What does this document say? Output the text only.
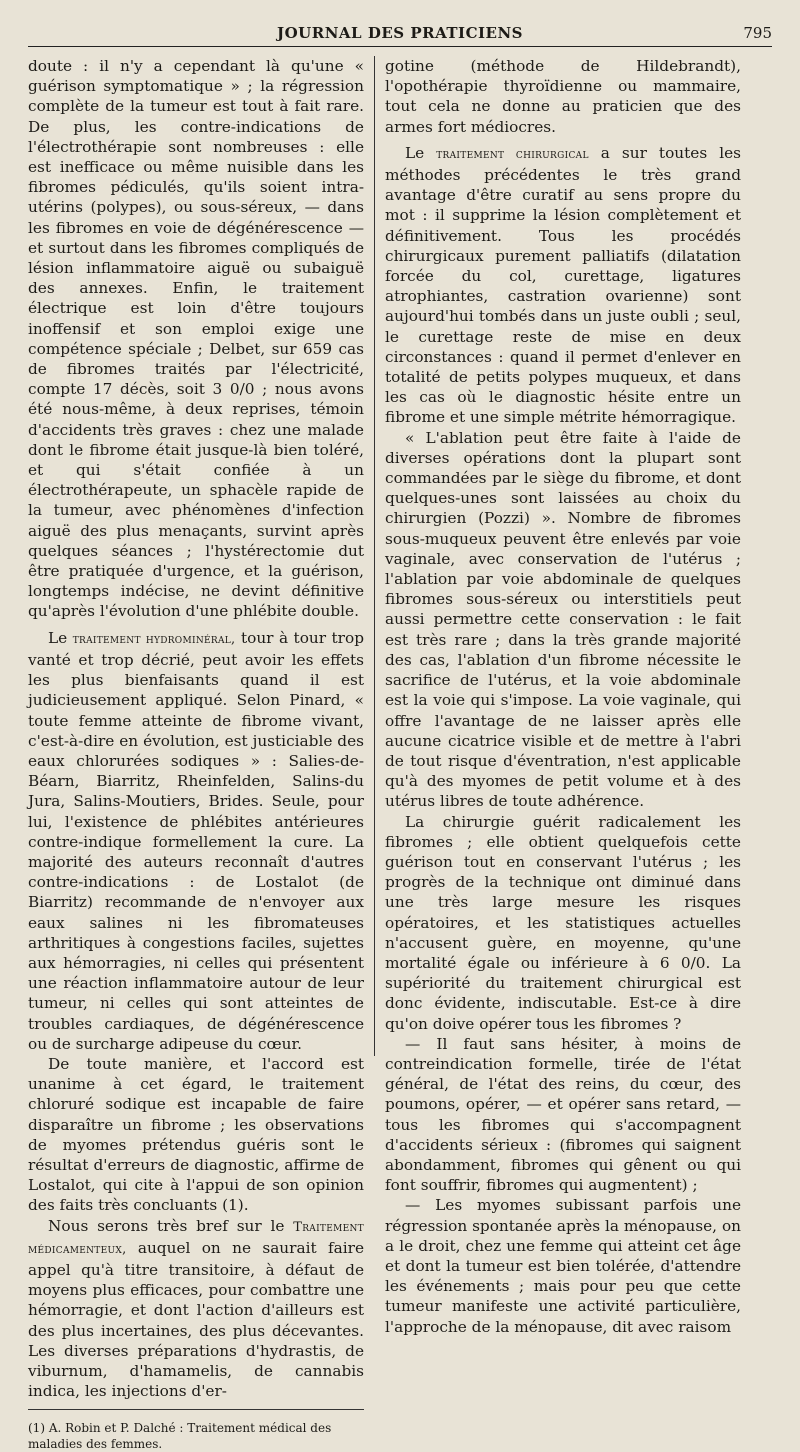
JOURNAL DES PRATICIENS	795

doute : il n'y a cependant là qu'une « guérison symptomatique » ; la régression complète de la tumeur est tout à fait rare. De plus, les contre-indications de l'électrothérapie sont nombreuses : elle est inefficace ou même nuisible dans les fibromes pédiculés, qu'ils soient intra-utérins (polypes), ou sous-séreux, — dans les fibromes en voie de dégénérescence — et surtout dans les fibromes compliqués de lésion inflammatoire aiguë ou subaiguë des annexes. Enfin, le traitement électrique est loin d'être toujours inoffensif et son emploi exige une compétence spéciale ; Delbet, sur 659 cas de fibromes traités par l'électricité, compte 17 décès, soit 3 0/0 ; nous avons été nous-même, à deux reprises, témoin d'accidents très graves : chez une malade dont le fibrome était jusque-là bien toléré, et qui s'était confiée à un électrothérapeute, un sphacèle rapide de la tumeur, avec phénomènes d'infection aiguë des plus menaçants, survint après quelques séances ; l'hystérectomie dut être pratiquée d'urgence, et la guérison, longtemps indécise, ne devint définitive qu'après l'évolution d'une phlébite double.

Le traitement hydrominéral, tour à tour trop vanté et trop décrié, peut avoir les effets les plus bienfaisants quand il est judicieusement appliqué. Selon Pinard, « toute femme atteinte de fibrome vivant, c'est-à-dire en évolution, est justiciable des eaux chlorurées sodiques » : Salies-de-Béarn, Biarritz, Rheinfelden, Salins-du Jura, Salins-Moutiers, Brides. Seule, pour lui, l'existence de phlébites antérieures contre-indique formellement la cure. La majorité des auteurs reconnaît d'autres contre-indications : de Lostalot (de Biarritz) recommande de n'envoyer aux eaux salines ni les fibromateuses arthritiques à congestions faciles, sujettes aux hémorragies, ni celles qui présentent une réaction inflammatoire autour de leur tumeur, ni celles qui sont atteintes de troubles cardiaques, de dégénérescence ou de surcharge adipeuse du cœur.

De toute manière, et l'accord est unanime à cet égard, le traitement chloruré sodique est incapable de faire disparaître un fibrome ; les observations de myomes prétendus guéris sont le résultat d'erreurs de diagnostic, affirme de Lostalot, qui cite à l'appui de son opinion des faits très concluants (1).

Nous serons très bref sur le Traitement médicamenteux, auquel on ne saurait faire appel qu'à titre transitoire, à défaut de moyens plus efficaces, pour combattre une hémorragie, et dont l'action d'ailleurs est des plus incertaines, des plus décevantes. Les diverses préparations d'hydrastis, de viburnum, d'hamamelis, de cannabis indica, les injections d'er-

(1) A. Robin et P. Dalché : Traitement médical des maladies des femmes.

gotine (méthode de Hildebrandt), l'opothérapie thyroïdienne ou mammaire, tout cela ne donne au praticien que des armes fort médiocres.

Le traitement chirurgical a sur toutes les méthodes précédentes le très grand avantage d'être curatif au sens propre du mot : il supprime la lésion complètement et définitivement. Tous les procédés chirurgicaux purement palliatifs (dilatation forcée du col, curettage, ligatures atrophiantes, castration ovarienne) sont aujourd'hui tombés dans un juste oubli ; seul, le curettage reste de mise en deux circonstances : quand il permet d'enlever en totalité de petits polypes muqueux, et dans les cas où le diagnostic hésite entre un fibrome et une simple métrite hémorragique.

« L'ablation peut être faite à l'aide de diverses opérations dont la plupart sont commandées par le siège du fibrome, et dont quelques-unes sont laissées au choix du chirurgien (Pozzi) ». Nombre de fibromes sous-muqueux peuvent être enlevés par voie vaginale, avec conservation de l'utérus ; l'ablation par voie abdominale de quelques fibromes sous-séreux ou interstitiels peut aussi permettre cette conservation : le fait est très rare ; dans la très grande majorité des cas, l'ablation d'un fibrome nécessite le sacrifice de l'utérus, et la voie abdominale est la voie qui s'impose. La voie vaginale, qui offre l'avantage de ne laisser après elle aucune cicatrice visible et de mettre à l'abri de tout risque d'éventration, n'est applicable qu'à des myomes de petit volume et à des utérus libres de toute adhérence.

La chirurgie guérit radicalement les fibromes ; elle obtient quelquefois cette guérison tout en conservant l'utérus ; les progrès de la technique ont diminué dans une très large mesure les risques opératoires, et les statistiques actuelles n'accusent guère, en moyenne, qu'une mortalité égale ou inférieure à 6 0/0. La supériorité du traitement chirurgical est donc évidente, indiscutable. Est-ce à dire qu'on doive opérer tous les fibromes ?

— Il faut sans hésiter, à moins de contreindication formelle, tirée de l'état général, de l'état des reins, du cœur, des poumons, opérer, — et opérer sans retard, — tous les fibromes qui s'accompagnent d'accidents sérieux : (fibromes qui saignent abondamment, fibromes qui gênent ou qui font souffrir, fibromes qui augmentent) ;

— Les myomes subissant parfois une régression spontanée après la ménopause, on a le droit, chez une femme qui atteint cet âge et dont la tumeur est bien tolérée, d'attendre les événements ; mais pour peu que cette tumeur manifeste une activité particulière, l'approche de la ménopause, dit avec raisom
